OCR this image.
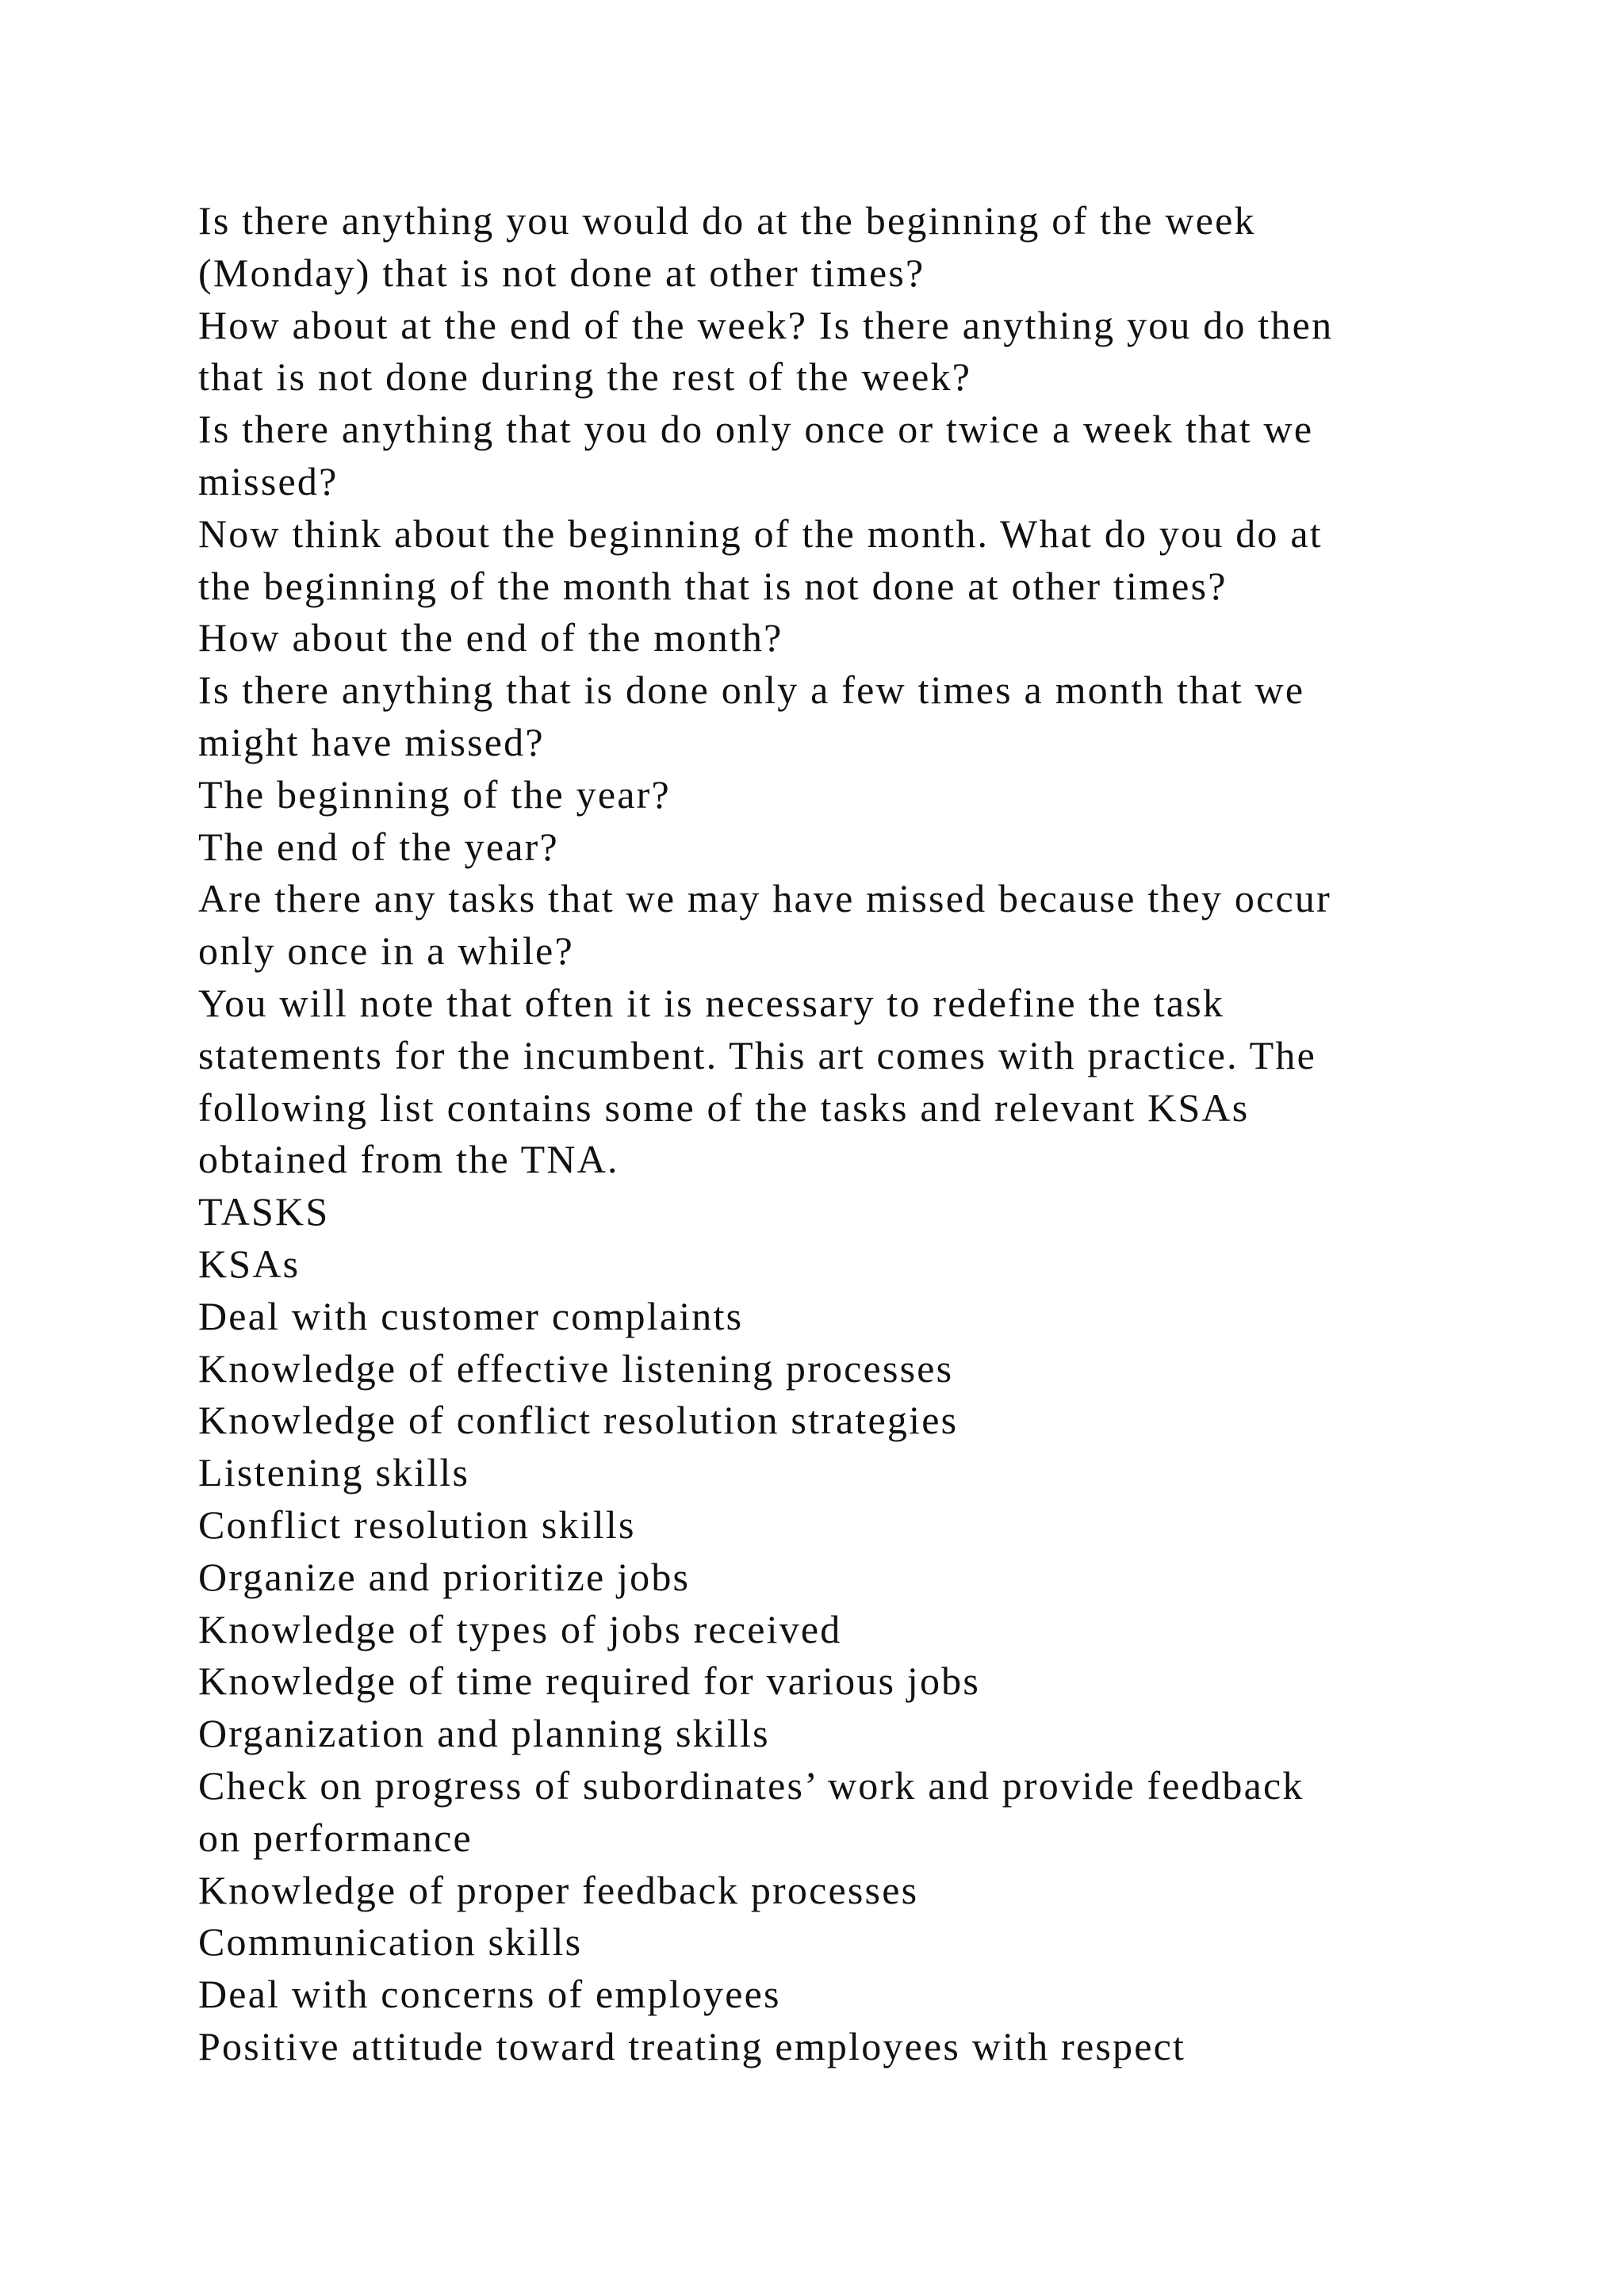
Is there anything you would do at the beginning of the week
(Monday) that is not done at other times?
How about at the end of the week? Is there anything you do then
that is not done during the rest of the week?
Is there anything that you do only once or twice a week that we
missed?
Now think about the beginning of the month. What do you do at
the beginning of the month that is not done at other times?
How about the end of the month?
Is there anything that is done only a few times a month that we
might have missed?
The beginning of the year?
The end of the year?
Are there any tasks that we may have missed because they occur
only once in a while?
You will note that often it is necessary to redefine the task
statements for the incumbent. This art comes with practice. The
following list contains some of the tasks and relevant KSAs
obtained from the TNA.
TASKS
KSAs
Deal with customer complaints
Knowledge of effective listening processes
Knowledge of conflict resolution strategies
Listening skills
Conflict resolution skills
Organize and prioritize jobs
Knowledge of types of jobs received
Knowledge of time required for various jobs
Organization and planning skills
Check on progress of subordinates’ work and provide feedback
on performance
Knowledge of proper feedback processes
Communication skills
Deal with concerns of employees
Positive attitude toward treating employees with respect
